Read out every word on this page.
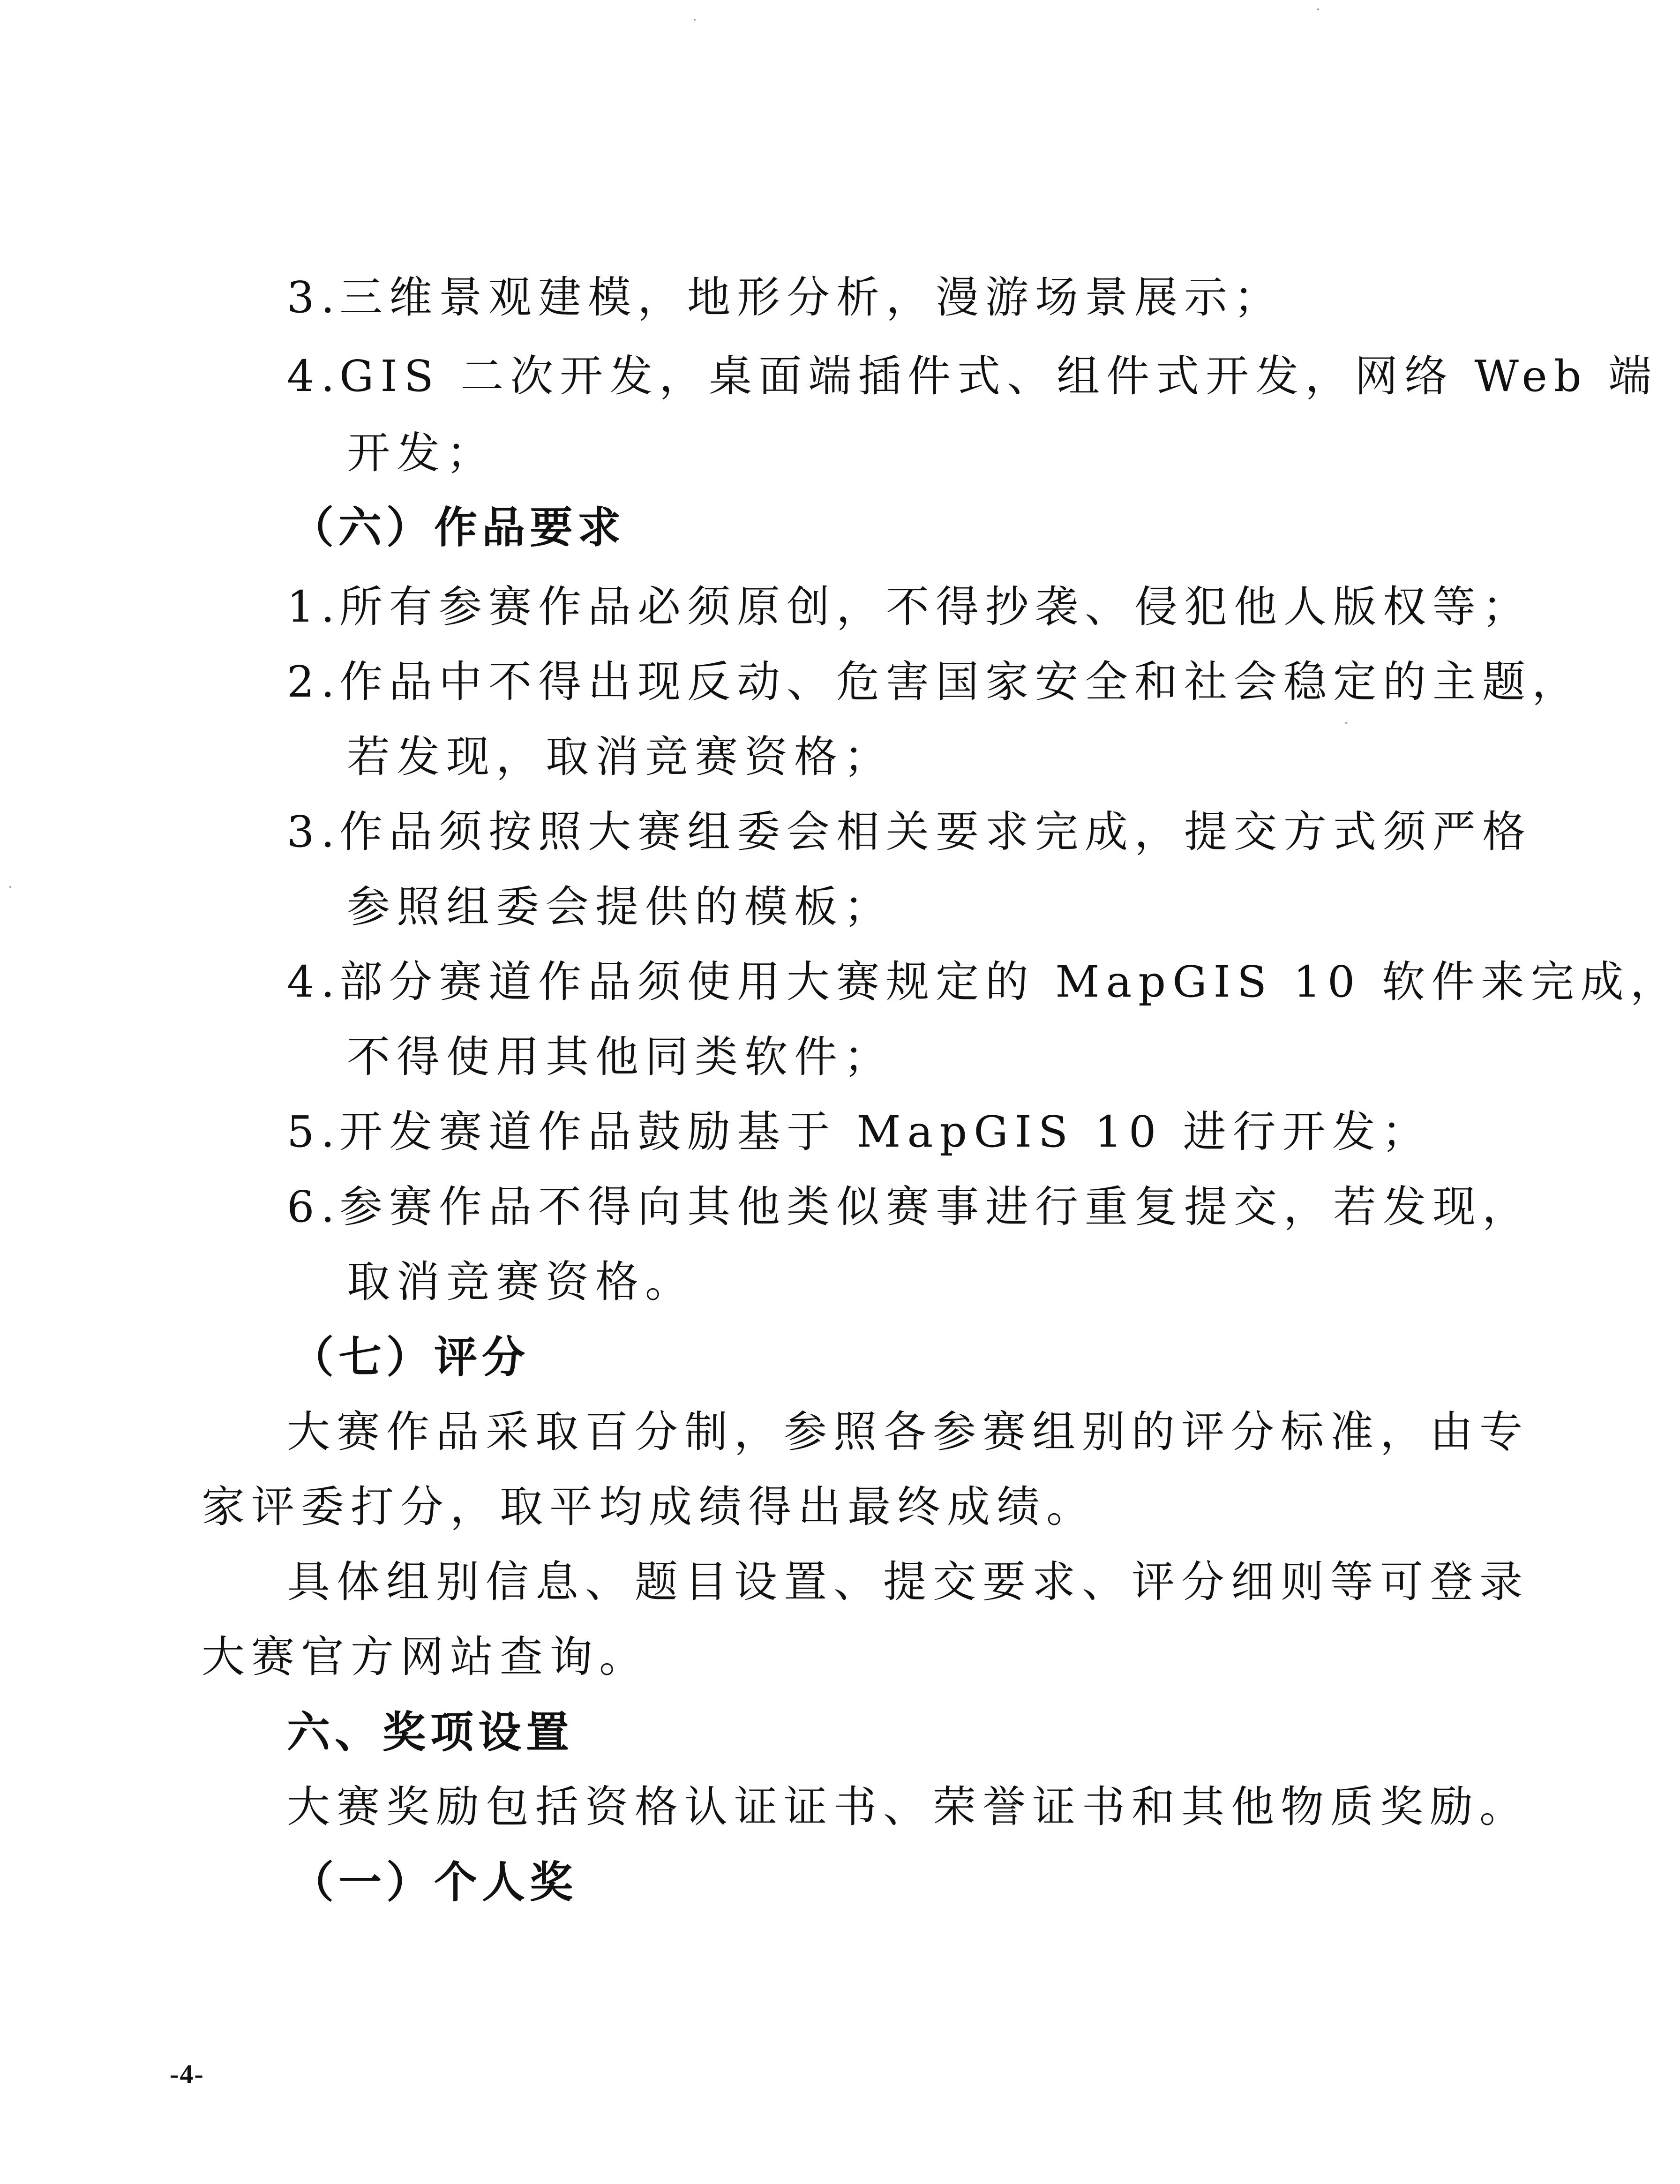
3.三维景观建模，地形分析，漫游场景展示；
4.GIS 二次开发，桌面端插件式、组件式开发，网络 Web 端
开发；
（六）作品要求
1.所有参赛作品必须原创，不得抄袭、侵犯他人版权等；
2.作品中不得出现反动、危害国家安全和社会稳定的主题，
若发现，取消竞赛资格；
3.作品须按照大赛组委会相关要求完成，提交方式须严格
参照组委会提供的模板；
4.部分赛道作品须使用大赛规定的 MapGIS 10 软件来完成，
不得使用其他同类软件；
5.开发赛道作品鼓励基于 MapGIS 10 进行开发；
6.参赛作品不得向其他类似赛事进行重复提交，若发现，
取消竞赛资格。
（七）评分
大赛作品采取百分制，参照各参赛组别的评分标准，由专
家评委打分，取平均成绩得出最终成绩。
具体组别信息、题目设置、提交要求、评分细则等可登录
大赛官方网站查询。
六、奖项设置
大赛奖励包括资格认证证书、荣誉证书和其他物质奖励。
（一）个人奖
-4-
